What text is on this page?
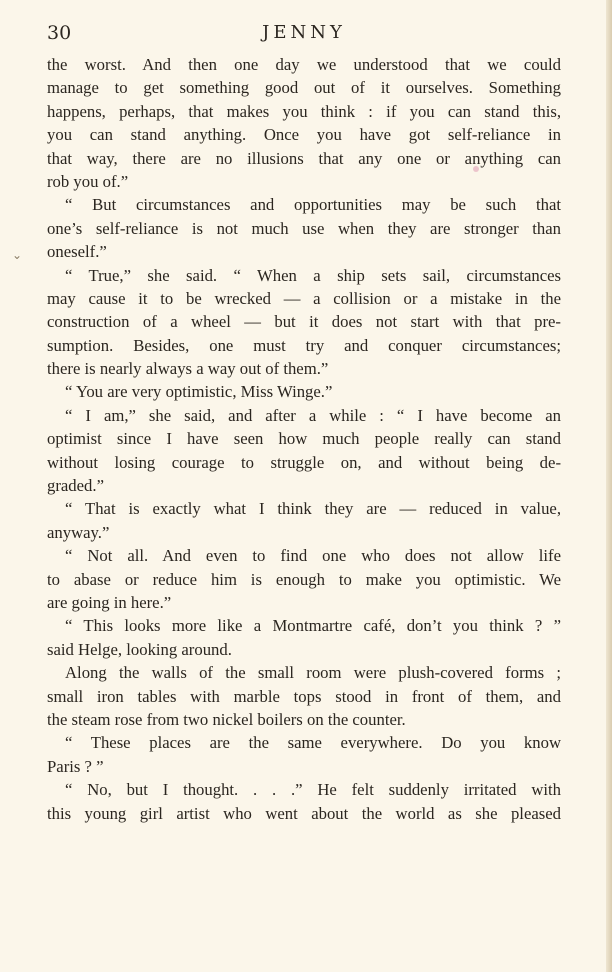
30	JENNY
⌄
the worst. And then one day we understood that we could
manage to get something good out of it ourselves. Something
happens, perhaps, that makes you think : if you can stand this,
you can stand anything. Once you have got self-reliance in
that way, there are no illusions that any one or anything can
rob you of.”
“ But circumstances and opportunities may be such that
one’s self-reliance is not much use when they are stronger than
oneself.”
“ True,” she said. “ When a ship sets sail, circumstances
may cause it to be wrecked — a collision or a mistake in the
construction of a wheel — but it does not start with that pre-
sumption. Besides, one must try and conquer circumstances;
there is nearly always a way out of them.”
“ You are very optimistic, Miss Winge.”
“ I am,” she said, and after a while : “ I have become an
optimist since I have seen how much people really can stand
without losing courage to struggle on, and without being de-
graded.”
“ That is exactly what I think they are — reduced in value,
anyway.”
“ Not all. And even to find one who does not allow life
to abase or reduce him is enough to make you optimistic. We
are going in here.”
“ This looks more like a Montmartre café, don’t you think ? ”
said Helge, looking around.
Along the walls of the small room were plush-covered forms ;
small iron tables with marble tops stood in front of them, and
the steam rose from two nickel boilers on the counter.
“ These places are the same everywhere. Do you know
Paris ? ”
“ No, but I thought. . . .” He felt suddenly irritated with
this young girl artist who went about the world as she pleased
